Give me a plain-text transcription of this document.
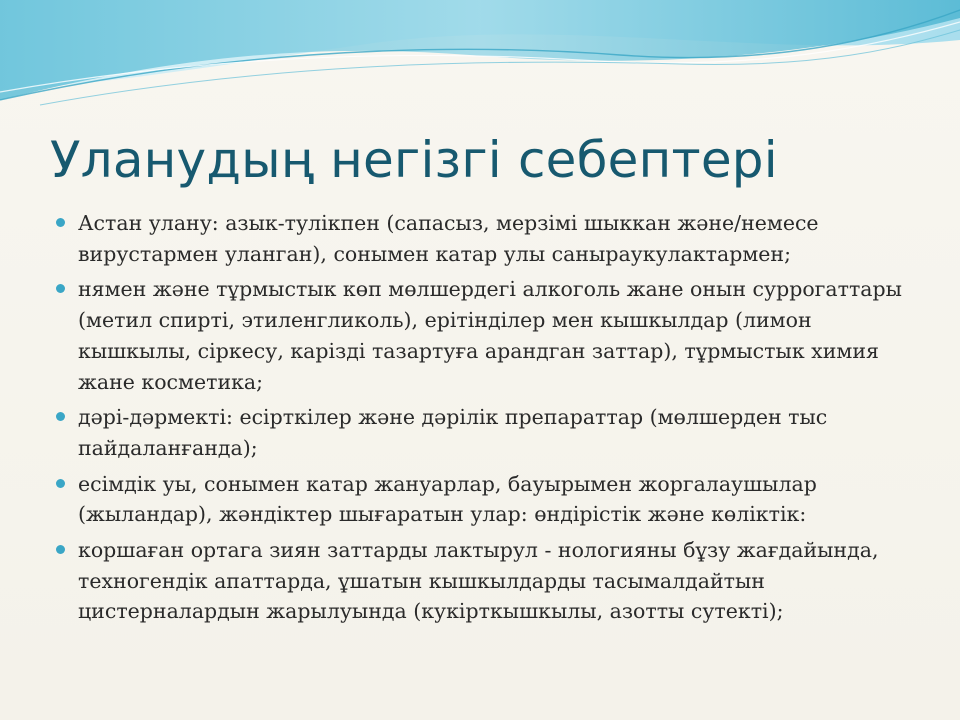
Уланудың негізгі себептері
Астан улану: азык-тулікпен (сапасыз, мерзімі шыккан жәнe/немесе вирустармен уланган), сонымен катар улы саныраукулактармен;
нямен жәнe тұрмыстык көп мөлшердегі алкоголь жане онын суррогаттары (метил спирті, этиленгликоль), ерітінділер мен кышкылдар (лимон кышкылы, сіркесу, карізді тазартуға арандган заттар), тұрмыстык химия жане косметика;
дәрі-дәрмекті: есірткілер жәнe дәрілік препараттар (мөлшерден тыс пайдаланғанда);
есімдік уы, сонымен катар жануарлар, бауырымен жоргалаушылар (жыландар), жәндіктер шығаратын улар: өндірістік жәнe көліктік:
коршаған ортага зиян заттарды лактырул - нологияны бұзу жағдайында, техногендік апаттарда, ұшатын кышкылдарды тасымалдайтын цистерналардын жарылуында (кукірткышкылы, азотты сутекті);
